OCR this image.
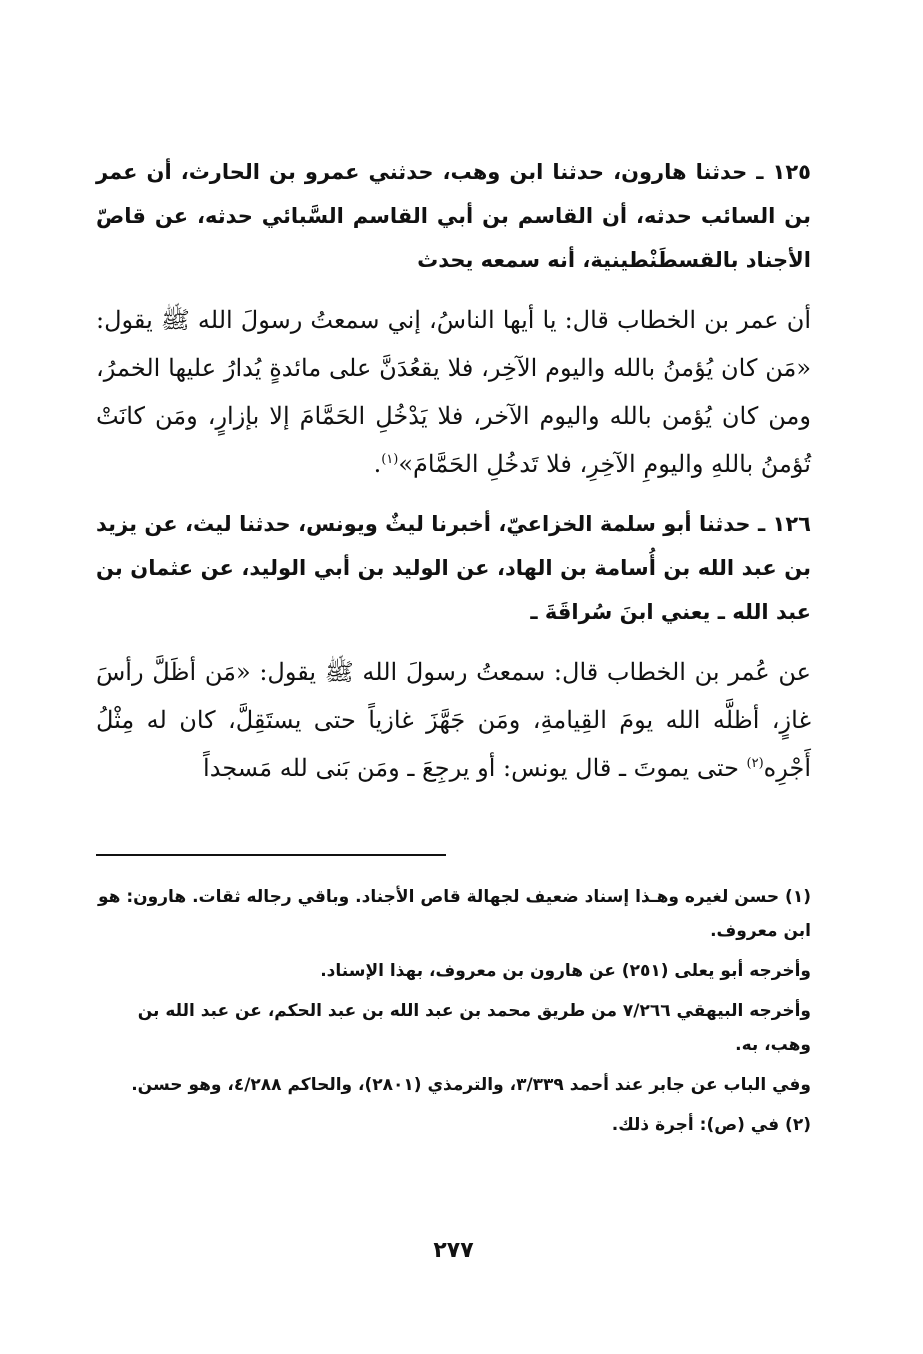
١٢٥ ـ حدثنا هارون، حدثنا ابن وهب، حدثني عمرو بن الحارث، أن عمر بن السائب حدثه، أن القاسم بن أبي القاسم السَّبائي حدثه، عن قاصّ الأجناد بالقسطَنْطينية، أنه سمعه يحدث

أن عمر بن الخطاب قال: يا أيها الناسُ، إني سمعتُ رسولَ الله ﷺ يقول: «مَن كان يُؤمنُ بالله واليوم الآخِر، فلا يقعُدَنَّ على مائدةٍ يُدارُ عليها الخمرُ، ومن كان يُؤمن بالله واليوم الآخر، فلا يَدْخُلِ الحَمَّامَ إلا بإزارٍ، ومَن كانَتْ تُؤمنُ باللهِ واليومِ الآخِرِ، فلا تَدخُلِ الحَمَّامَ»$^{(١)}$.

١٢٦ ـ حدثنا أبو سلمة الخزاعيّ، أخبرنا ليثٌ ويونس، حدثنا ليث، عن يزيد بن عبد الله بن أُسامة بن الهاد، عن الوليد بن أبي الوليد، عن عثمان بن عبد الله ـ يعني ابنَ سُراقَةَ ـ

عن عُمر بن الخطاب قال: سمعتُ رسولَ الله ﷺ يقول: «مَن أظَلَّ رأسَ غازٍ، أظلَّه الله يومَ القِيامةِ، ومَن جَهَّزَ غازياً حتى يستَقِلَّ، كان له مِثْلُ أَجْرِه$^{(٢)}$ حتى يموتَ ـ قال يونس: أو يرجِعَ ـ ومَن بَنى لله مَسجداً

(١) حسن لغيره وهـذا إسناد ضعيف لجهالة قاص الأجناد. وباقي رجاله ثقات. هارون: هو ابن معروف.

وأخرجه أبو يعلى (٢٥١) عن هارون بن معروف، بهذا الإسناد.

وأخرجه البيهقي ٧/٢٦٦ من طريق محمد بن عبد الله بن عبد الحكم، عن عبد الله بن وهب، به.

وفي الباب عن جابر عند أحمد ٣/٣٣٩، والترمذي (٢٨٠١)، والحاكم ٤/٢٨٨، وهو حسن.

(٢) في (ص): أجرة ذلك.

٢٧٧
